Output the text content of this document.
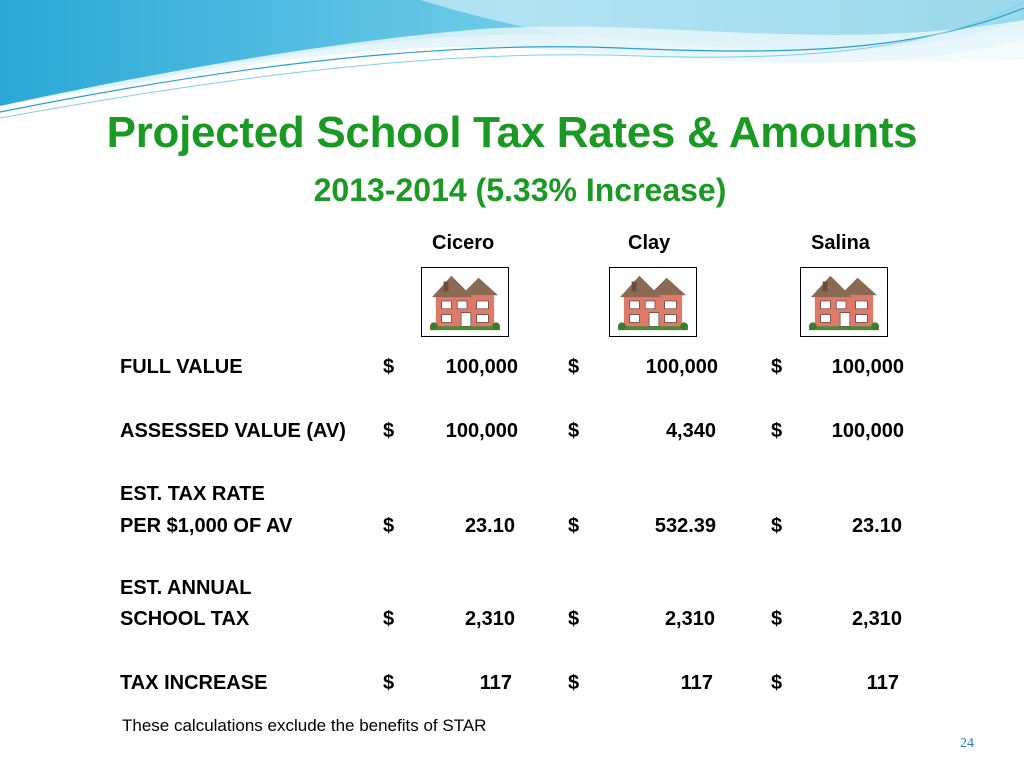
Projected School Tax Rates & Amounts
2013-2014 (5.33% Increase)
Cicero	Clay	Salina
FULL VALUE	$	100,000	$	100,000	$	100,000
ASSESSED VALUE (AV) $	100,000	$	4,340	$	100,000
EST. TAX RATE
PER $1,000 OF AV	$	23.10	$	532.39	$	23.10
EST. ANNUAL
SCHOOL TAX	$	2,310	$	2,310	$	2,310
TAX INCREASE	$	117	$	117	$	117
These calculations exclude the benefits of STAR
24
